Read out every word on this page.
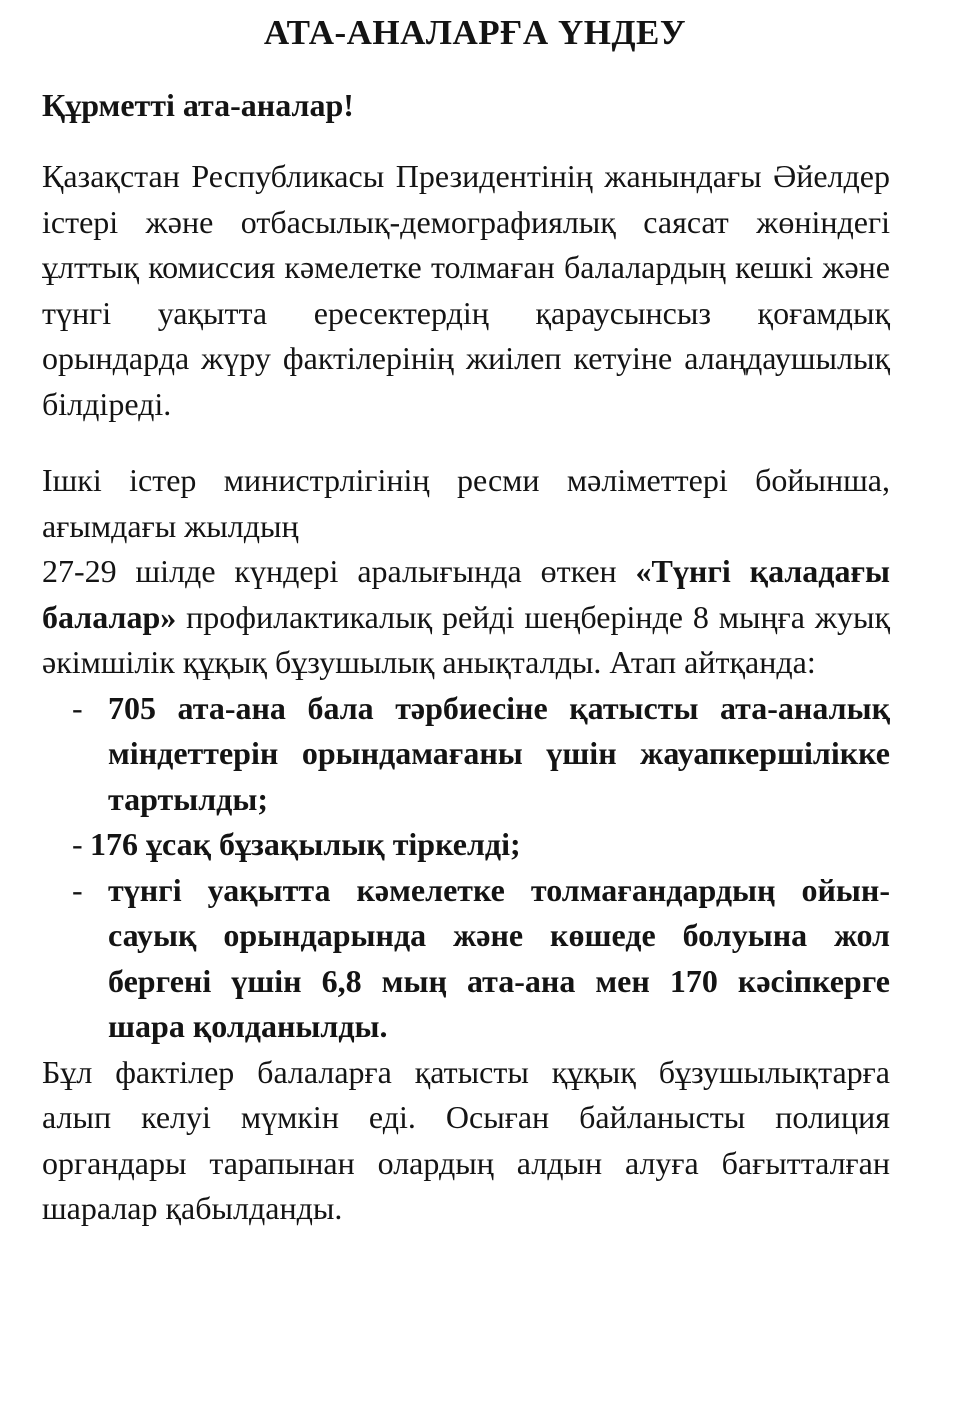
АТА-АНАЛАРҒА ҮНДЕУ
Құрметті ата-аналар!

Қазақстан Республикасы Президентінің жанындағы Әйелдер істері және отбасылық-демографиялық саясат жөніндегі ұлттық комиссия кәмелетке толмаған балалардың кешкі және түнгі уақытта ересектердің қараусынсыз қоғамдық орындарда жүру фактілерінің жиілеп кетуіне алаңдаушылық білдіреді.

Ішкі істер министрлігінің ресми мәліметтері бойынша, ағымдағы жылдың

27-29 шілде күндері аралығында өткен «Түнгі қаладағы балалар» профилактикалық рейді шеңберінде 8 мыңға жуық әкімшілік құқық бұзушылық анықталды. Атап айтқанда:

- 705 ата-ана бала тәрбиесіне қатысты ата-аналық міндеттерін орындамағаны үшін жауапкершілікке тартылды;
- 176 ұсақ бұзақылық тіркелді;
- түнгі уақытта кәмелетке толмағандардың ойын-сауық орындарында және көшеде болуына жол бергені үшін 6,8 мың ата-ана мен 170 кәсіпкерге шара қолданылды.

Бұл фактілер балаларға қатысты құқық бұзушылықтарға алып келуі мүмкін еді. Осыған байланысты полиция органдары тарапынан олардың алдын алуға бағытталған шаралар қабылданды.
